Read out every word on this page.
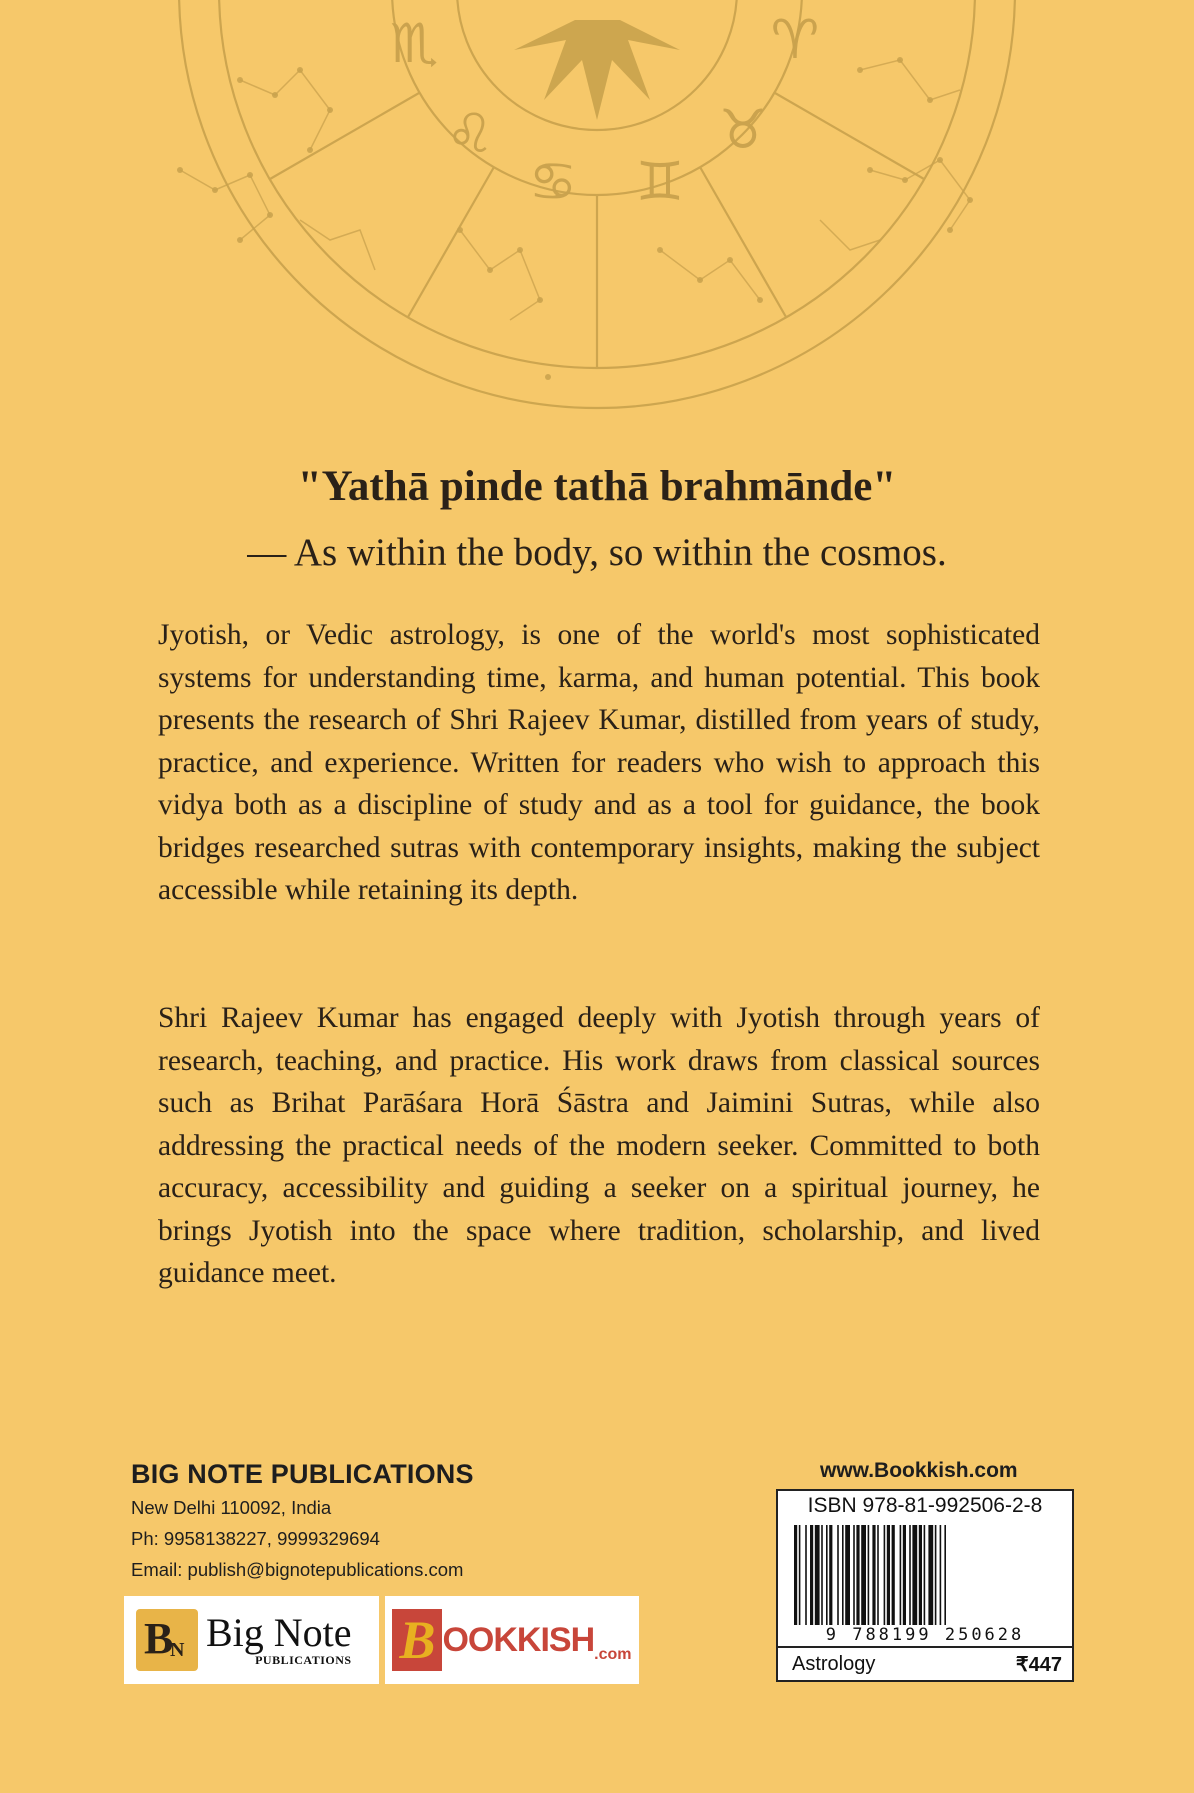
♏	♈
♌	♉
♋ ♊
"Yathā pinde tathā brahmānde"
— As within the body, so within the cosmos.
Jyotish, or Vedic astrology, is one of the world's most sophisticated systems for understanding time, karma, and human potential. This book presents the research of Shri Rajeev Kumar, distilled from years of study, practice, and experience. Written for readers who wish to approach this vidya both as a discipline of study and as a tool for guidance, the book bridges researched sutras with contemporary insights, making the subject accessible while retaining its depth.
Shri Rajeev Kumar has engaged deeply with Jyotish through years of research, teaching, and practice. His work draws from classical sources such as Brihat Parāśara Horā Śāstra and Jaimini Sutras, while also addressing the practical needs of the modern seeker. Committed to both accuracy, accessibility and guiding a seeker on a spiritual journey, he brings Jyotish into the space where tradition, scholarship, and lived guidance meet.
BIG NOTE PUBLICATIONS
New Delhi 110092, India
Ph: 9958138227, 9999329694
Email: publish@bignotepublications.com
B
N Big Note
PUBLICATIONS B OOKKISH .com
www.Bookkish.com
ISBN 978-81-992506-2-8
9 788199 250628
Astrology	₹447
